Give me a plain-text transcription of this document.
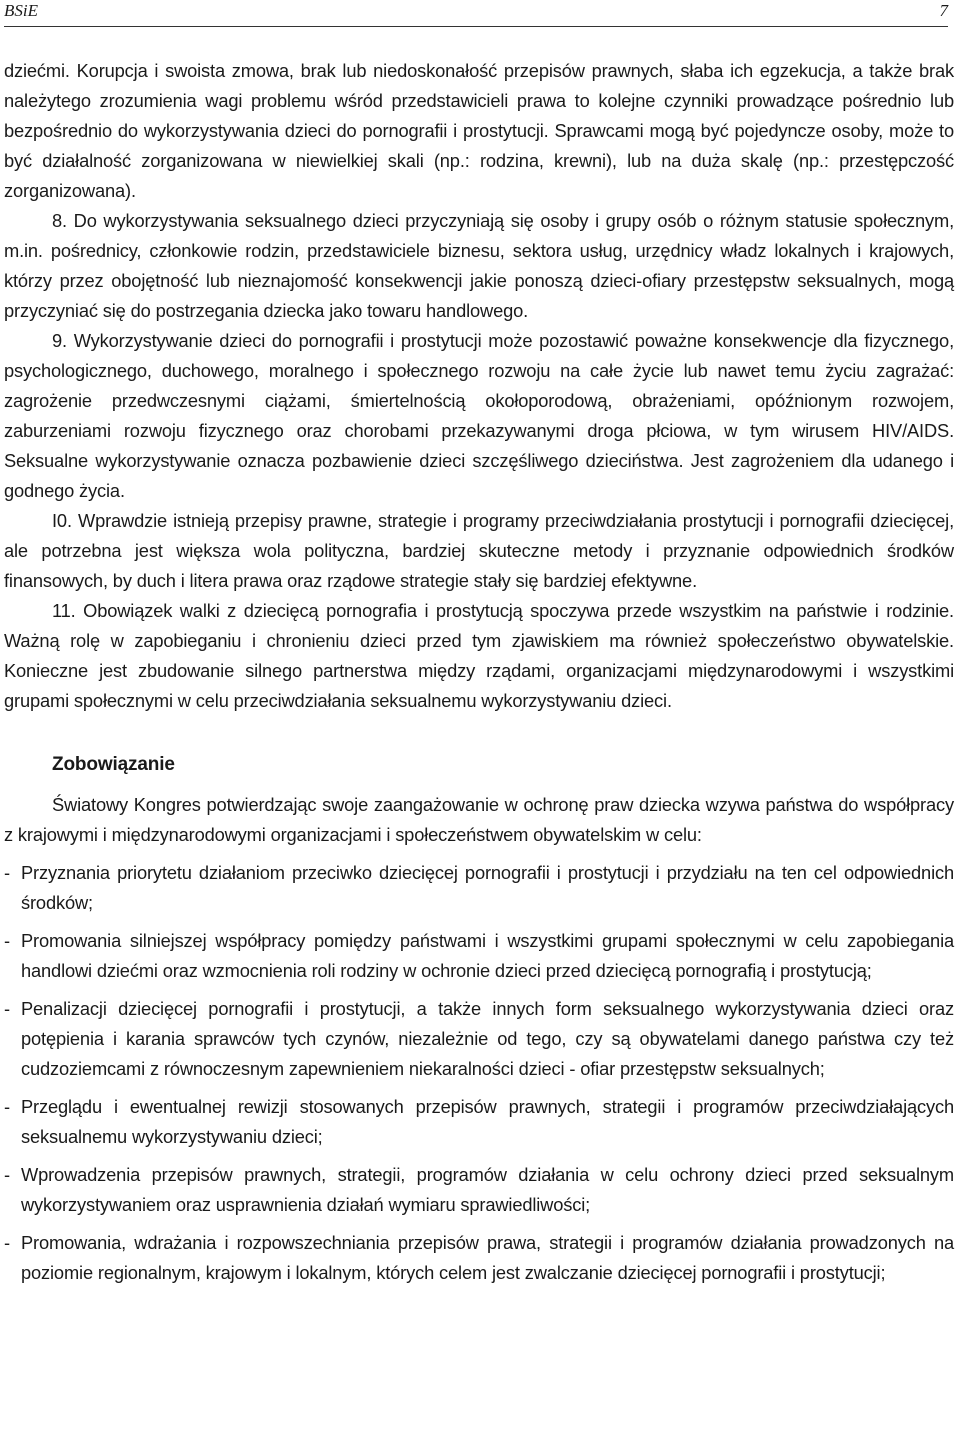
BSiE	7

dziećmi. Korupcja i swoista zmowa, brak lub niedoskonałość przepisów prawnych, słaba ich egzekucja, a także brak należytego zrozumienia wagi problemu wśród przedstawicieli prawa to kolejne czynniki prowadzące pośrednio lub bezpośrednio do wykorzystywania dzieci do pornografii i prostytucji. Sprawcami mogą być pojedyncze osoby, może to być działalność zorganizowana w niewielkiej skali (np.: rodzina, krewni), lub na duża skalę (np.: przestępczość zorganizowana).

8. Do wykorzystywania seksualnego dzieci przyczyniają się osoby i grupy osób o różnym statusie społecznym, m.in. pośrednicy, członkowie rodzin, przedstawiciele biznesu, sektora usług, urzędnicy władz lokalnych i krajowych, którzy przez obojętność lub nieznajomość konsekwencji jakie ponoszą dzieci-ofiary przestępstw seksualnych, mogą przyczyniać się do postrzegania dziecka jako towaru handlowego.

9. Wykorzystywanie dzieci do pornografii i prostytucji może pozostawić poważne konsekwencje dla fizycznego, psychologicznego, duchowego, moralnego i społecznego rozwoju na całe życie lub nawet temu życiu zagrażać: zagrożenie przedwczesnymi ciążami, śmiertelnością okołoporodową, obrażeniami, opóźnionym rozwojem, zaburzeniami rozwoju fizycznego oraz chorobami przekazywanymi droga płciowa, w tym wirusem HIV/AIDS. Seksualne wykorzystywanie oznacza pozbawienie dzieci szczęśliwego dzieciństwa. Jest zagrożeniem dla udanego i godnego życia.

I0. Wprawdzie istnieją przepisy prawne, strategie i programy przeciwdziałania prostytucji i pornografii dziecięcej, ale potrzebna jest większa wola polityczna, bardziej skuteczne metody i przyznanie odpowiednich środków finansowych, by duch i litera prawa oraz rządowe strategie stały się bardziej efektywne.

11. Obowiązek walki z dziecięcą pornografia i prostytucją spoczywa przede wszystkim na państwie i rodzinie. Ważną rolę w zapobieganiu i chronieniu dzieci przed tym zjawiskiem ma również społeczeństwo obywatelskie. Konieczne jest zbudowanie silnego partnerstwa między rządami, organizacjami międzynarodowymi i wszystkimi grupami społecznymi w celu przeciwdziałania seksualnemu wykorzystywaniu dzieci.

Zobowiązanie

Światowy Kongres potwierdzając swoje zaangażowanie w ochronę praw dziecka wzywa państwa do współpracy z krajowymi i międzynarodowymi organizacjami i społeczeństwem obywatelskim w celu:

- Przyznania priorytetu działaniom przeciwko dziecięcej pornografii i prostytucji i przydziału na ten cel odpowiednich środków;
- Promowania silniejszej współpracy pomiędzy państwami i wszystkimi grupami społecznymi w celu zapobiegania handlowi dziećmi oraz wzmocnienia roli rodziny w ochronie dzieci przed dziecięcą pornografią i prostytucją;
- Penalizacji dziecięcej pornografii i prostytucji, a także innych form seksualnego wykorzystywania dzieci oraz potępienia i karania sprawców tych czynów, niezależnie od tego, czy są obywatelami danego państwa czy też cudzoziemcami z równoczesnym zapewnieniem niekaralności dzieci - ofiar przestępstw seksualnych;
- Przeglądu i ewentualnej rewizji stosowanych przepisów prawnych, strategii i programów przeciwdziałających seksualnemu wykorzystywaniu dzieci;
- Wprowadzenia przepisów prawnych, strategii, programów działania w celu ochrony dzieci przed seksualnym wykorzystywaniem oraz usprawnienia działań wymiaru sprawiedliwości;
- Promowania, wdrażania i rozpowszechniania przepisów prawa, strategii i programów działania prowadzonych na poziomie regionalnym, krajowym i lokalnym, których celem jest zwalczanie dziecięcej pornografii i prostytucji;
